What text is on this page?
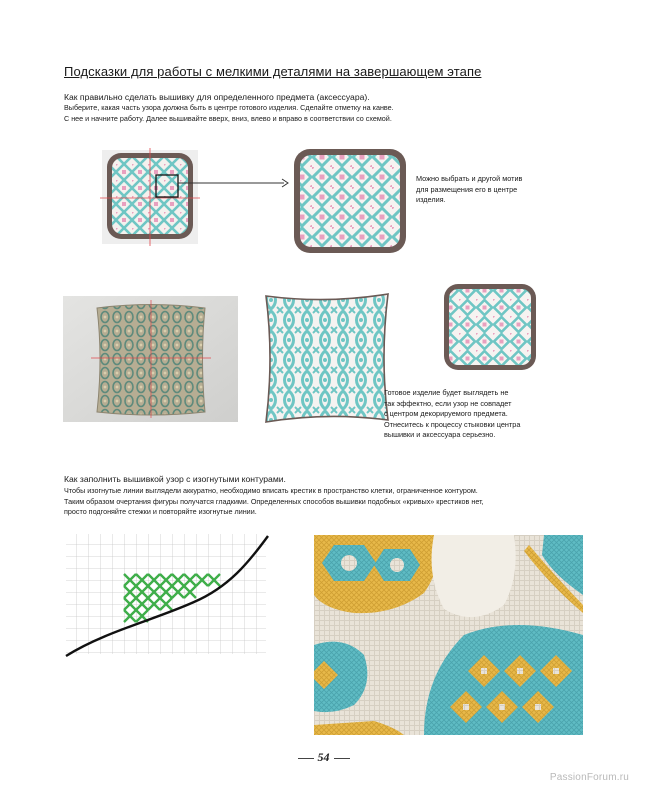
Подсказки для работы с мелкими деталями на завершающем этапе
Как правильно сделать вышивку для определенного предмета (аксессуара).
Выберите, какая часть узора должна быть в центре готового изделия. Сделайте отметку на канве.
С нее и начните работу. Далее вышивайте вверх, вниз, влево и вправо в соответствии со схемой.
Можно выбрать и другой мотив
для размещения его в центре
изделия.
Готовое изделие будет выглядеть не
так эффектно, если узор не совпадет
с центром декорируемого предмета.
Отнеситесь к процессу стыковки центра
вышивки и аксессуара серьезно.
Как заполнить вышивкой узор с изогнутыми контурами.
Чтобы изогнутые линии выглядели аккуратно, необходимо вписать крестик в пространство клетки, ограниченное контуром.
Таким образом очертания фигуры получатся гладкими. Определенных способов вышивки подобных «кривых» крестиков нет,
просто подгоняйте стежки и повторяйте изогнутые линии.
54
PassionForum.ru
